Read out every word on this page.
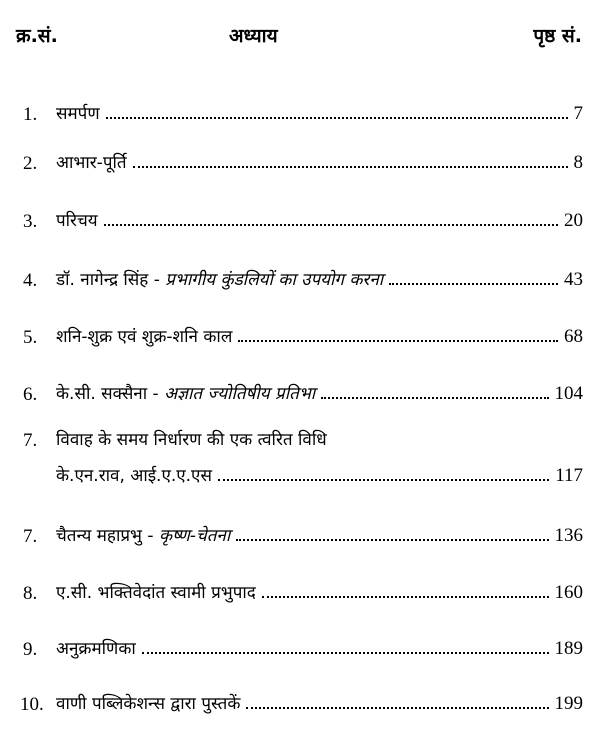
क्र.सं.	अध्याय	पृष्ठ सं.
1. समर्पण	7
2. आभार-पूर्ति	8
3. परिचय	20
4. डॉ. नागेन्द्र सिंह - प्रभागीय कुंडलियों का उपयोग करना	43
5. शनि-शुक्र एवं शुक्र-शनि काल	68
6. के.सी. सक्सैना - अज्ञात ज्योतिषीय प्रतिभा	104
7. विवाह के समय निर्धारण की एक त्वरित विधि
के.एन.राव, आई.ए.ए.एस	117
7. चैतन्य महाप्रभु - कृष्ण-चेतना	136
8. ए.सी. भक्तिवेदांत स्वामी प्रभुपाद	160
9. अनुक्रमणिका	189
10. वाणी पब्लिकेशन्स द्वारा पुस्तकें	199
